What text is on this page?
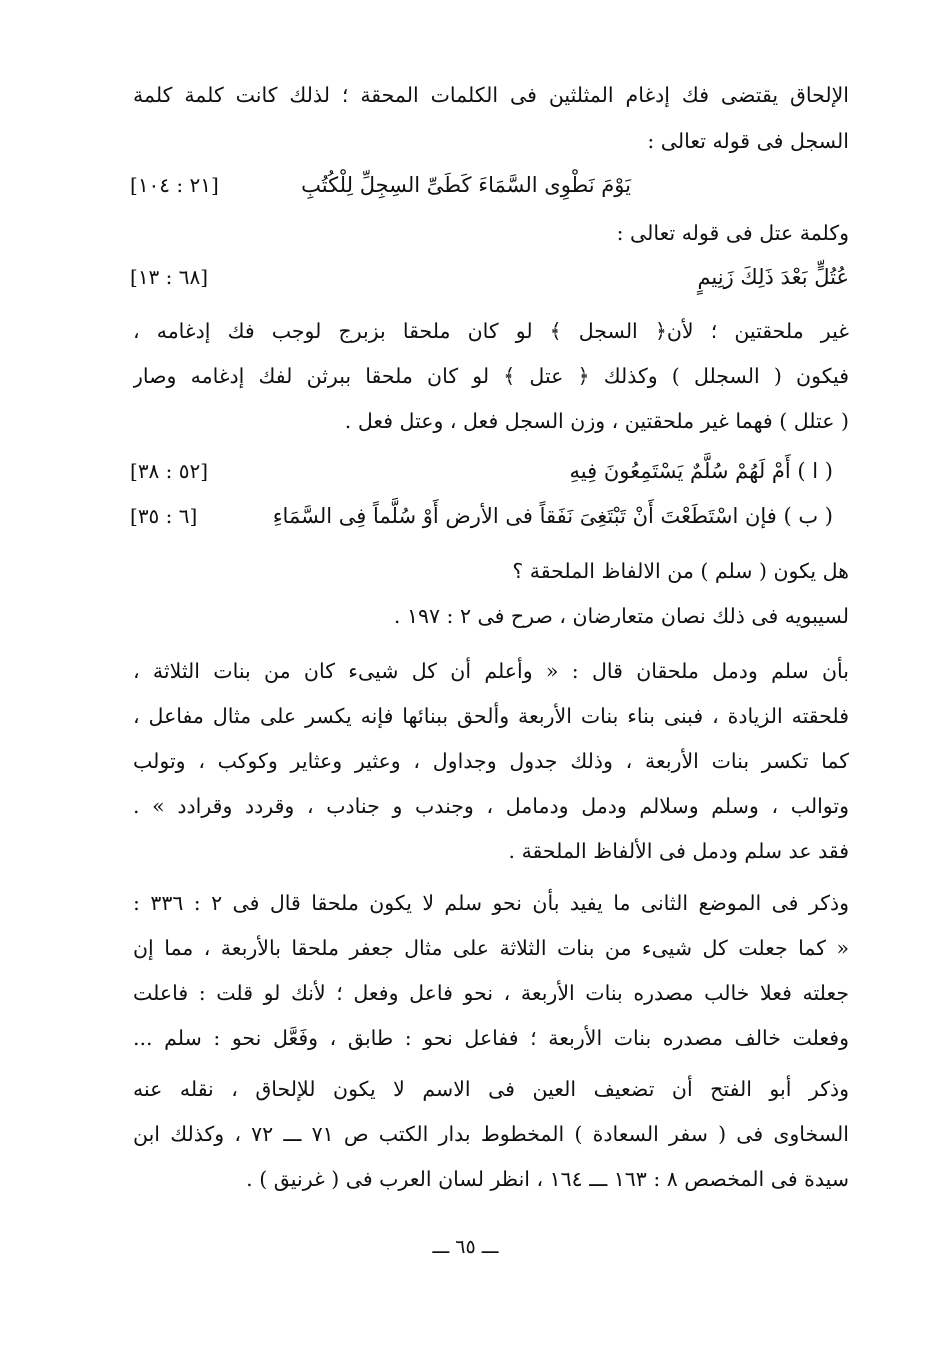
الإلحاق يقتضى فك إدغام المثلثين فى الكلمات المحقة ؛ لذلك كانت كلمة كلمة
السجل فى قوله تعالى :
يَوْمَ نَطْوِى السَّمَاءَ كَطَىِّ السِجِلِّ لِلْكُتُبِ
[٢١ : ١٠٤]
وكلمة عتل فى قوله تعالى :
عُتُلٍّ بَعْدَ ذَلِكَ زَنِيمٍ
[٦٨ : ١٣]
غير ملحقتين ؛ لأن﴿ السجل ﴾ لو كان ملحقا بزبرج لوجب فك إدغامه ،
فيكون ( السجلل ) وكذلك ﴿ عتل ﴾ لو كان ملحقا ببرثن لفك إدغامه وصار
( عتلل ) فهما غير ملحقتين ، وزن السجل فعل ، وعتل فعل .
( ا ) أَمْ لَهُمْ سُلَّمٌ يَسْتَمِعُونَ فِيهِ
[٥٢ : ٣٨]
( ب ) فإن اسْتَطَعْتَ أَنْ تَبْتَغِىَ نَفَقاً فى الأرض أَوْ سُلَّماً فِى السَّمَاءِ
[٦ : ٣٥]
هل يكون ( سلم ) من الالفاظ الملحقة ؟
لسيبويه فى ذلك نصان متعارضان ، صرح فى ٢ : ١٩٧ .
بأن سلم ودمل ملحقان قال : « وأعلم أن كل شيىء كان من بنات الثلاثة ،
فلحقته الزيادة ، فبنى بناء بنات الأربعة وألحق ببنائها فإنه يكسر على مثال مفاعل ،
كما تكسر بنات الأربعة ، وذلك جدول وجداول ، وعثير وعثاير وكوكب ، وتولب
وتوالب ، وسلم وسلالم ودمل ودمامل ، وجندب و جنادب ، وقردد وقرادد » .
فقد عد سلم ودمل فى الألفاظ الملحقة .
وذكر فى الموضع الثانى ما يفيد بأن نحو سلم لا يكون ملحقا قال فى ٢ : ٣٣٦ :
« كما جعلت كل شيىء من بنات الثلاثة على مثال جعفر ملحقا بالأربعة ، مما إن
جعلته فعلا خالب مصدره بنات الأربعة ، نحو فاعل وفعل ؛ لأنك لو قلت : فاعلت
وفعلت خالف مصدره بنات الأربعة ؛ ففاعل نحو : طابق ، وفَعَّل نحو : سلم ...
وذكر أبو الفتح أن تضعيف العين فى الاسم لا يكون للإلحاق ، نقله عنه
السخاوى فى ( سفر السعادة ) المخطوط بدار الكتب ص ٧١ ـــ ٧٢ ، وكذلك ابن
سيدة فى المخصص ٨ : ١٦٣ ـــ ١٦٤ ، انظر لسان العرب فى ( غرنيق ) .
ـــ ٦٥ ـــ
